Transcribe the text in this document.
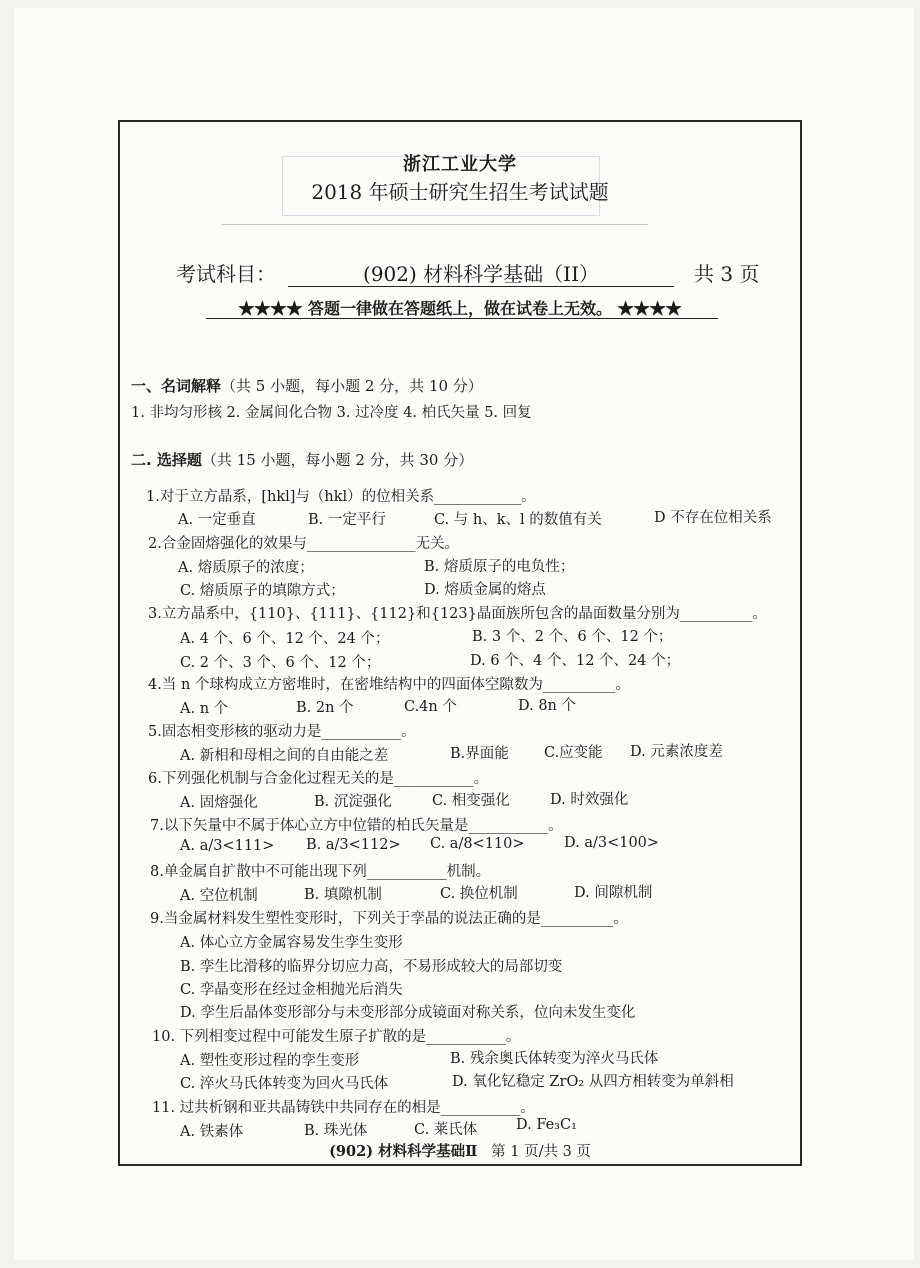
浙江工业大学
2018 年硕士研究生招生考试试题
考试科目：	(902) 材料科学基础（II）	共 3 页
★★★★ 答题一律做在答题纸上，做在试卷上无效。 ★★★★
一、名词解释（共 5 小题，每小题 2 分，共 10 分）
1. 非均匀形核 2. 金属间化合物 3. 过冷度 4. 柏氏矢量 5. 回复
二. 选择题（共 15 小题，每小题 2 分，共 30 分）
1.对于立方晶系，[hkl]与（hkl）的位相关系____________。
A. 一定垂直	B. 一定平行	C. 与 h、k、l 的数值有关	D 不存在位相关系
2.合金固熔强化的效果与_______________无关。
A. 熔质原子的浓度；	B. 熔质原子的电负性；
C. 熔质原子的填隙方式；	D. 熔质金属的熔点
3.立方晶系中，{110}、{111}、{112}和{123}晶面族所包含的晶面数量分别为__________。
A. 4 个、6 个、12 个、24 个；	B. 3 个、2 个、6 个、12 个；
C. 2 个、3 个、6 个、12 个；	D. 6 个、4 个、12 个、24 个；
4.当 n 个球构成立方密堆时，在密堆结构中的四面体空隙数为__________。
A. n 个	B. 2n 个	C.4n 个	D. 8n 个
5.固态相变形核的驱动力是___________。
A. 新相和母相之间的自由能之差	B.界面能 C.应变能 D. 元素浓度差
6.下列强化机制与合金化过程无关的是___________。
A. 固熔强化	B. 沉淀强化	C. 相变强化	D. 时效强化
7.以下矢量中不属于体心立方中位错的柏氏矢量是___________。
A. a/3<111> B. a/3<112> C. a/8<110>	D. a/3<100>
8.单金属自扩散中不可能出现下列___________机制。
A. 空位机制	B. 填隙机制	C. 换位机制	D. 间隙机制
9.当金属材料发生塑性变形时，下列关于孪晶的说法正确的是__________。
A. 体心立方金属容易发生孪生变形
B. 孪生比滑移的临界分切应力高，不易形成较大的局部切变
C. 孪晶变形在经过金相抛光后消失
D. 孪生后晶体变形部分与未变形部分成镜面对称关系，位向未发生变化
10. 下列相变过程中可能发生原子扩散的是___________。
A. 塑性变形过程的孪生变形	B. 残余奥氏体转变为淬火马氏体
C. 淬火马氏体转变为回火马氏体	D. 氧化钇稳定 ZrO₂ 从四方相转变为单斜相
11. 过共析钢和亚共晶铸铁中共同存在的相是___________。
A. 铁素体	B. 珠光体	C. 莱氏体	D. Fe₃C₁
(902) 材料科学基础Ⅱ 第 1 页/共 3 页
